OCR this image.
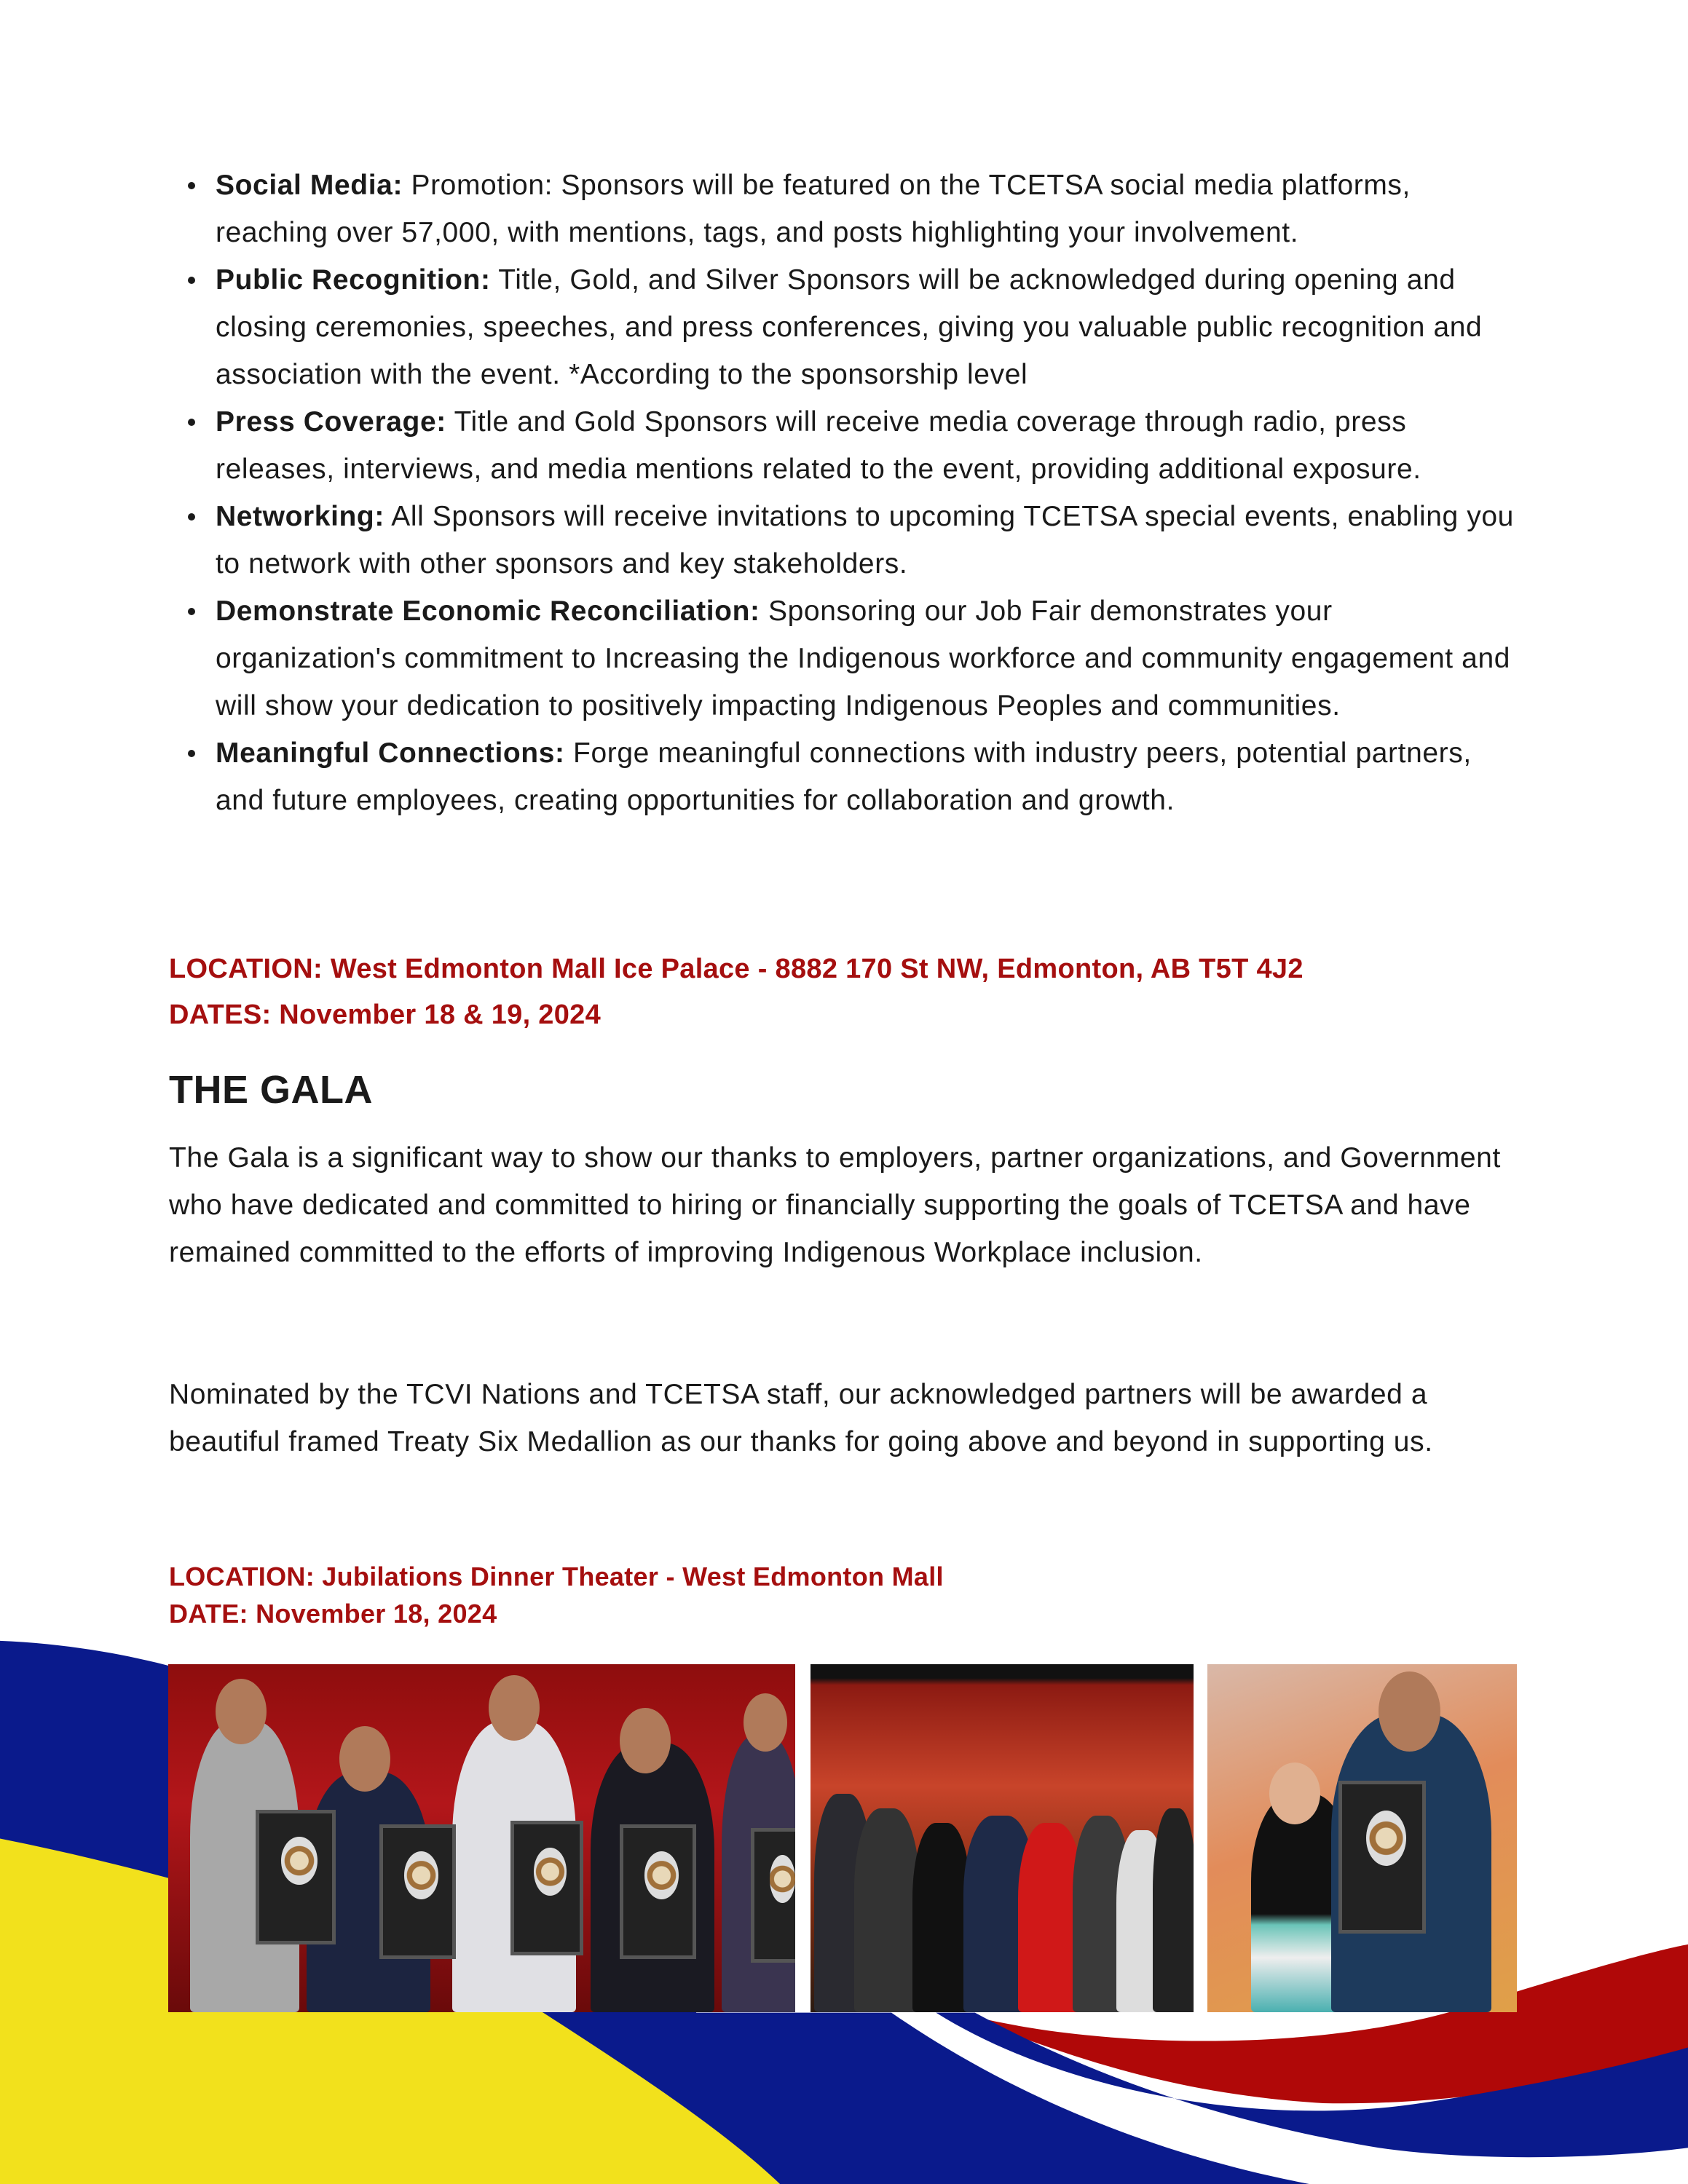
Social Media: Promotion: Sponsors will be featured on the TCETSA social media platforms, reaching over 57,000, with mentions, tags, and posts highlighting your involvement.
Public Recognition: Title, Gold, and Silver Sponsors will be acknowledged during opening and closing ceremonies, speeches, and press conferences, giving you valuable public recognition and association with the event. *According to the sponsorship level
Press Coverage: Title and Gold Sponsors will receive media coverage through radio, press releases, interviews, and media mentions related to the event, providing additional exposure.
Networking: All Sponsors will receive invitations to upcoming TCETSA special events, enabling you to network with other sponsors and key stakeholders.
Demonstrate Economic Reconciliation: Sponsoring our Job Fair demonstrates your organization's commitment to Increasing the Indigenous workforce and community engagement and will show your dedication to positively impacting Indigenous Peoples and communities.
Meaningful Connections: Forge meaningful connections with industry peers, potential partners, and future employees, creating opportunities for collaboration and growth.
LOCATION: West Edmonton Mall Ice Palace - 8882 170 St NW, Edmonton, AB T5T 4J2
DATES: November 18 & 19, 2024
THE GALA

The Gala is a significant way to show our thanks to employers, partner organizations, and Government who have dedicated and committed to hiring or financially supporting the goals of TCETSA and have remained committed to the efforts of improving Indigenous Workplace inclusion.

Nominated by the TCVI Nations and TCETSA staff, our acknowledged partners will be awarded a beautiful framed Treaty Six Medallion as our thanks for going above and beyond in supporting us.

LOCATION: Jubilations Dinner Theater - West Edmonton Mall
DATE: November 18, 2024
